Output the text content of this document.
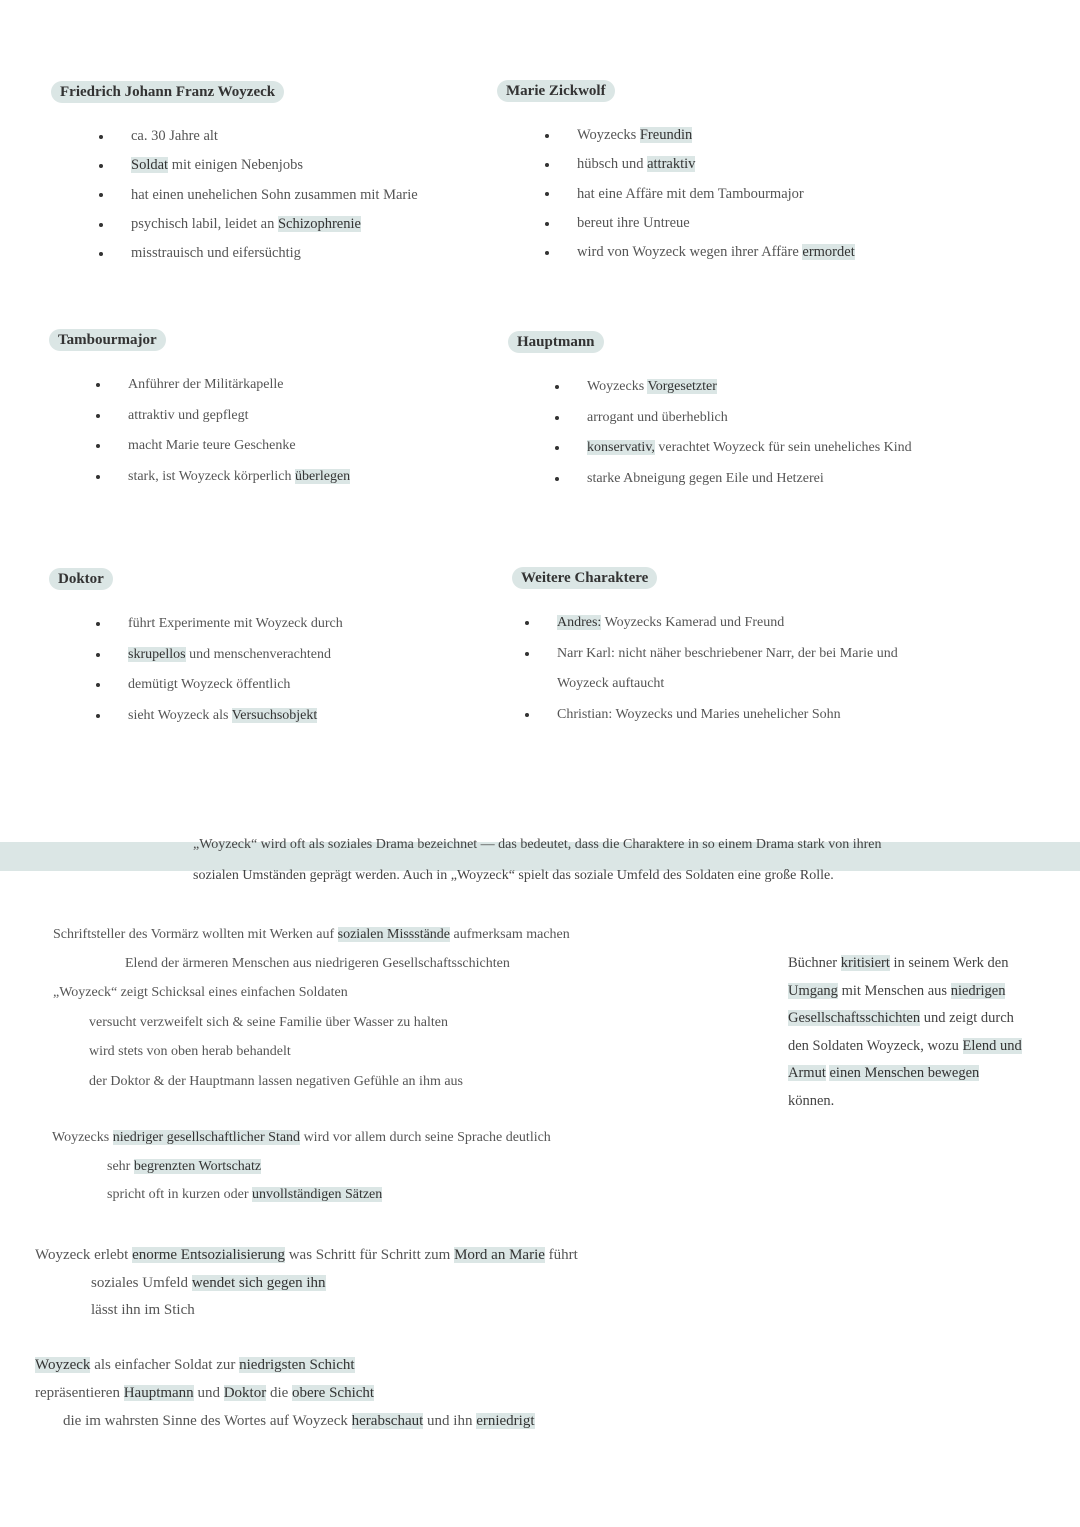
Friedrich Johann Franz Woyzeck
ca. 30 Jahre alt
Soldat mit einigen Nebenjobs
hat einen unehelichen Sohn zusammen mit Marie
psychisch labil, leidet an Schizophrenie
misstrauisch und eifersüchtig
Marie Zickwolf
Woyzecks Freundin
hübsch und attraktiv
hat eine Affäre mit dem Tambourmajor
bereut ihre Untreue
wird von Woyzeck wegen ihrer Affäre ermordet
Tambourmajor
Anführer der Militärkapelle
attraktiv und gepflegt
macht Marie teure Geschenke
stark, ist Woyzeck körperlich überlegen
Hauptmann
Woyzecks Vorgesetzter
arrogant und überheblich
konservativ, verachtet Woyzeck für sein uneheliches Kind
starke Abneigung gegen Eile und Hetzerei
Doktor
führt Experimente mit Woyzeck durch
skrupellos und menschenverachtend
demütigt Woyzeck öffentlich
sieht Woyzeck als Versuchsobjekt
Weitere Charaktere
Andres: Woyzecks Kamerad und Freund
Narr Karl: nicht näher beschriebener Narr, der bei Marie und
Woyzeck auftaucht
Christian: Woyzecks und Maries unehelicher Sohn
„Woyzeck“ wird oft als soziales Drama bezeichnet — das bedeutet, dass die Charaktere in so einem Drama stark von ihren sozialen Umständen geprägt werden. Auch in „Woyzeck“ spielt das soziale Umfeld des Soldaten eine große Rolle.
Schriftsteller des Vormärz wollten mit Werken auf sozialen Missstände aufmerksam machen
Elend der ärmeren Menschen aus niedrigeren Gesellschaftsschichten
„Woyzeck“ zeigt Schicksal eines einfachen Soldaten
versucht verzweifelt sich & seine Familie über Wasser zu halten
wird stets von oben herab behandelt
der Doktor & der Hauptmann lassen negativen Gefühle an ihm aus
Woyzecks niedriger gesellschaftlicher Stand wird vor allem durch seine Sprache deutlich
sehr begrenzten Wortschatz
spricht oft in kurzen oder unvollständigen Sätzen
Woyzeck erlebt enorme Entsozialisierung was Schritt für Schritt zum Mord an Marie führt
soziales Umfeld wendet sich gegen ihn
lässt ihn im Stich
Woyzeck als einfacher Soldat zur niedrigsten Schicht
repräsentieren Hauptmann und Doktor die obere Schicht
die im wahrsten Sinne des Wortes auf Woyzeck herabschaut und ihn erniedrigt
Büchner kritisiert in seinem Werk den Umgang mit Menschen aus niedrigen Gesellschaftsschichten und zeigt durch den Soldaten Woyzeck, wozu Elend und Armut einen Menschen bewegen können.
